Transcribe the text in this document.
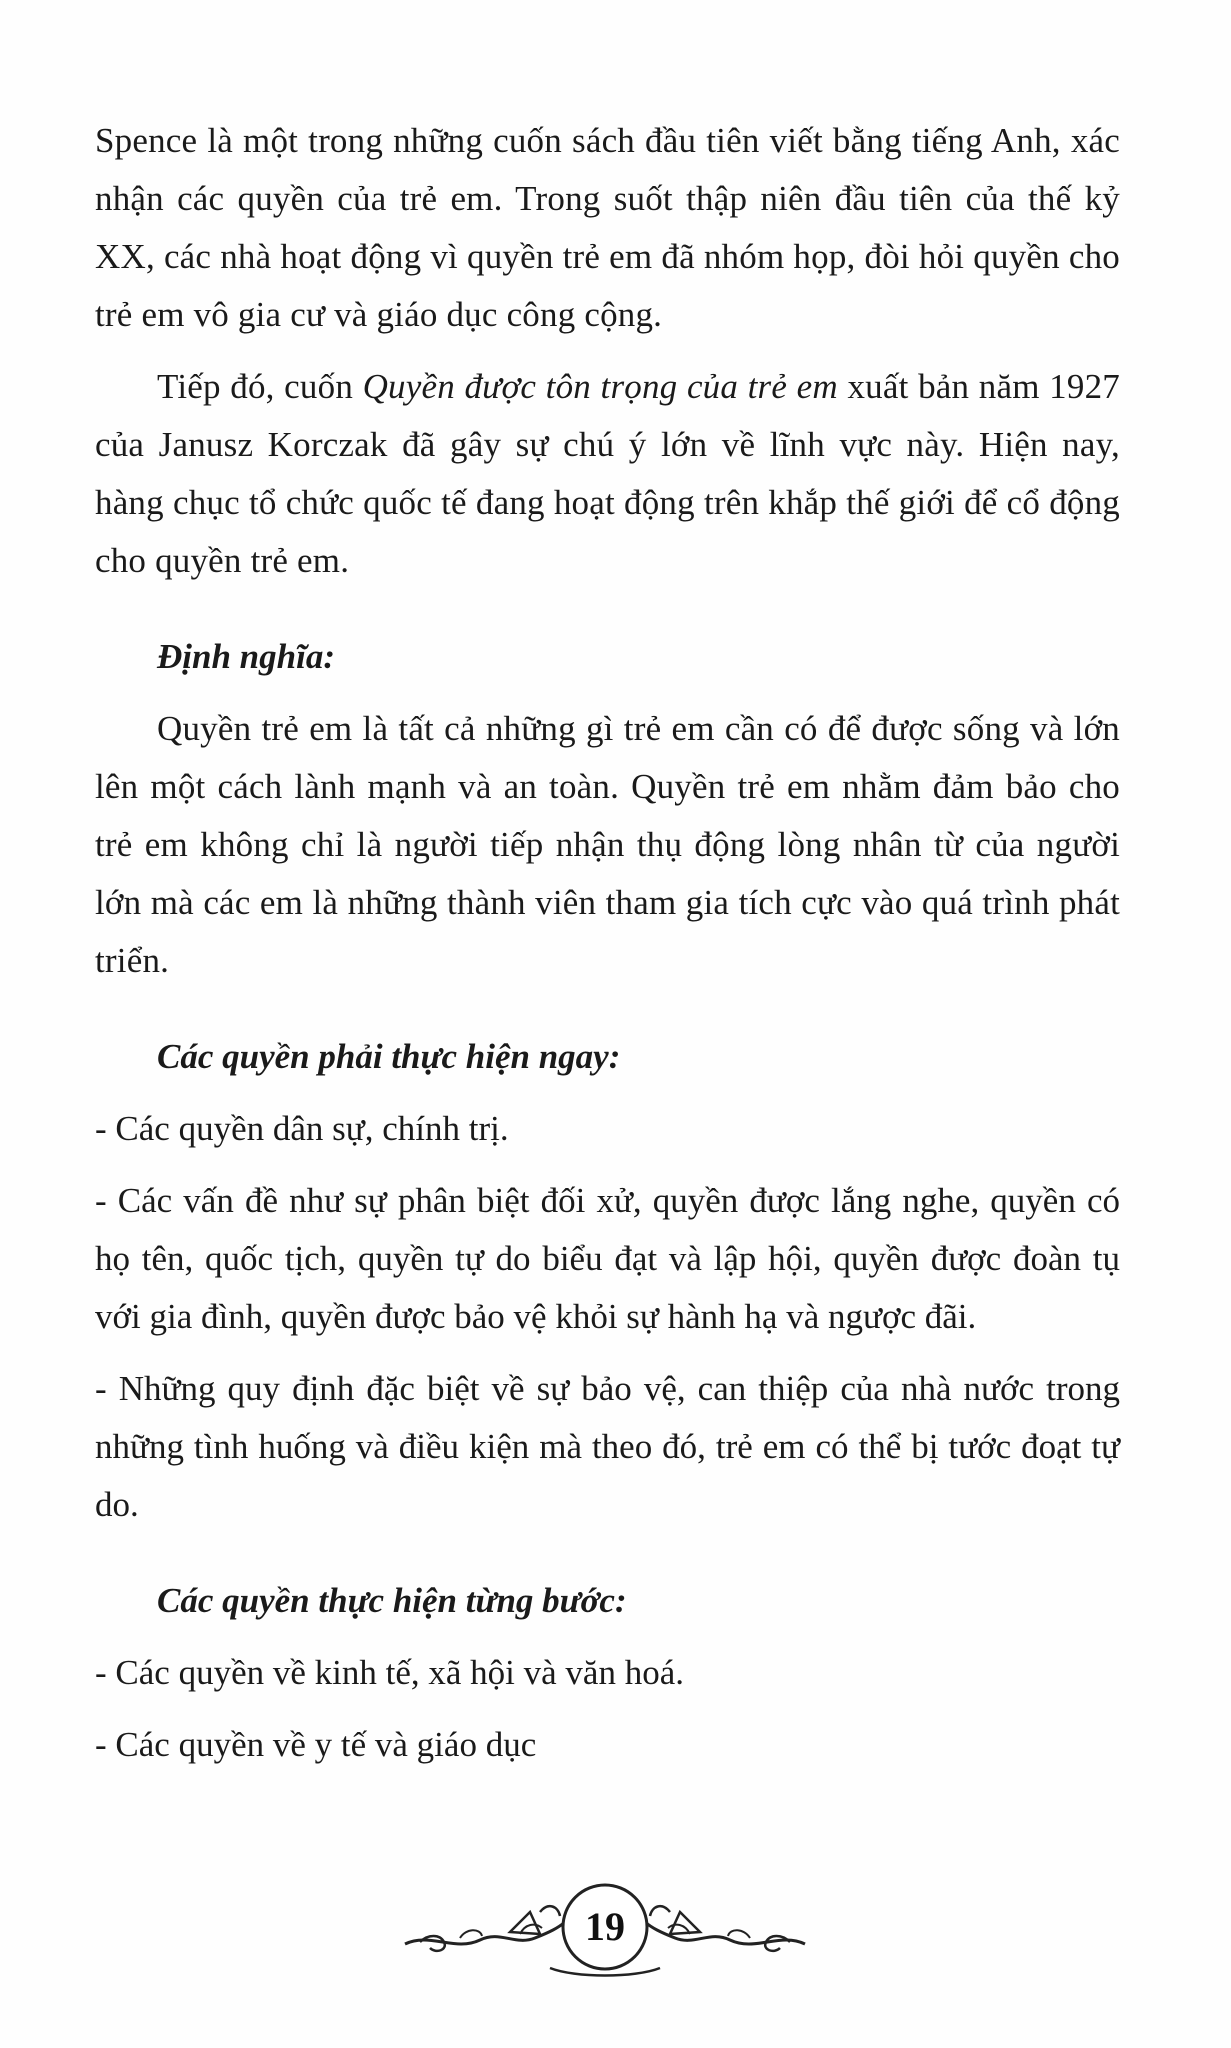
Spence là một trong những cuốn sách đầu tiên viết bằng tiếng Anh, xác nhận các quyền của trẻ em. Trong suốt thập niên đầu tiên của thế kỷ XX, các nhà hoạt động vì quyền trẻ em đã nhóm họp, đòi hỏi quyền cho trẻ em vô gia cư và giáo dục công cộng.

Tiếp đó, cuốn Quyền được tôn trọng của trẻ em xuất bản năm 1927 của Janusz Korczak đã gây sự chú ý lớn về lĩnh vực này. Hiện nay, hàng chục tổ chức quốc tế đang hoạt động trên khắp thế giới để cổ động cho quyền trẻ em.

Định nghĩa:

Quyền trẻ em là tất cả những gì trẻ em cần có để được sống và lớn lên một cách lành mạnh và an toàn. Quyền trẻ em nhằm đảm bảo cho trẻ em không chỉ là người tiếp nhận thụ động lòng nhân từ của người lớn mà các em là những thành viên tham gia tích cực vào quá trình phát triển.

Các quyền phải thực hiện ngay:

- Các quyền dân sự, chính trị.

- Các vấn đề như sự phân biệt đối xử, quyền được lắng nghe, quyền có họ tên, quốc tịch, quyền tự do biểu đạt và lập hội, quyền được đoàn tụ với gia đình, quyền được bảo vệ khỏi sự hành hạ và ngược đãi.

- Những quy định đặc biệt về sự bảo vệ, can thiệp của nhà nước trong những tình huống và điều kiện mà theo đó, trẻ em có thể bị tước đoạt tự do.

Các quyền thực hiện từng bước:

- Các quyền về kinh tế, xã hội và văn hoá.

- Các quyền về y tế và giáo dục

19
